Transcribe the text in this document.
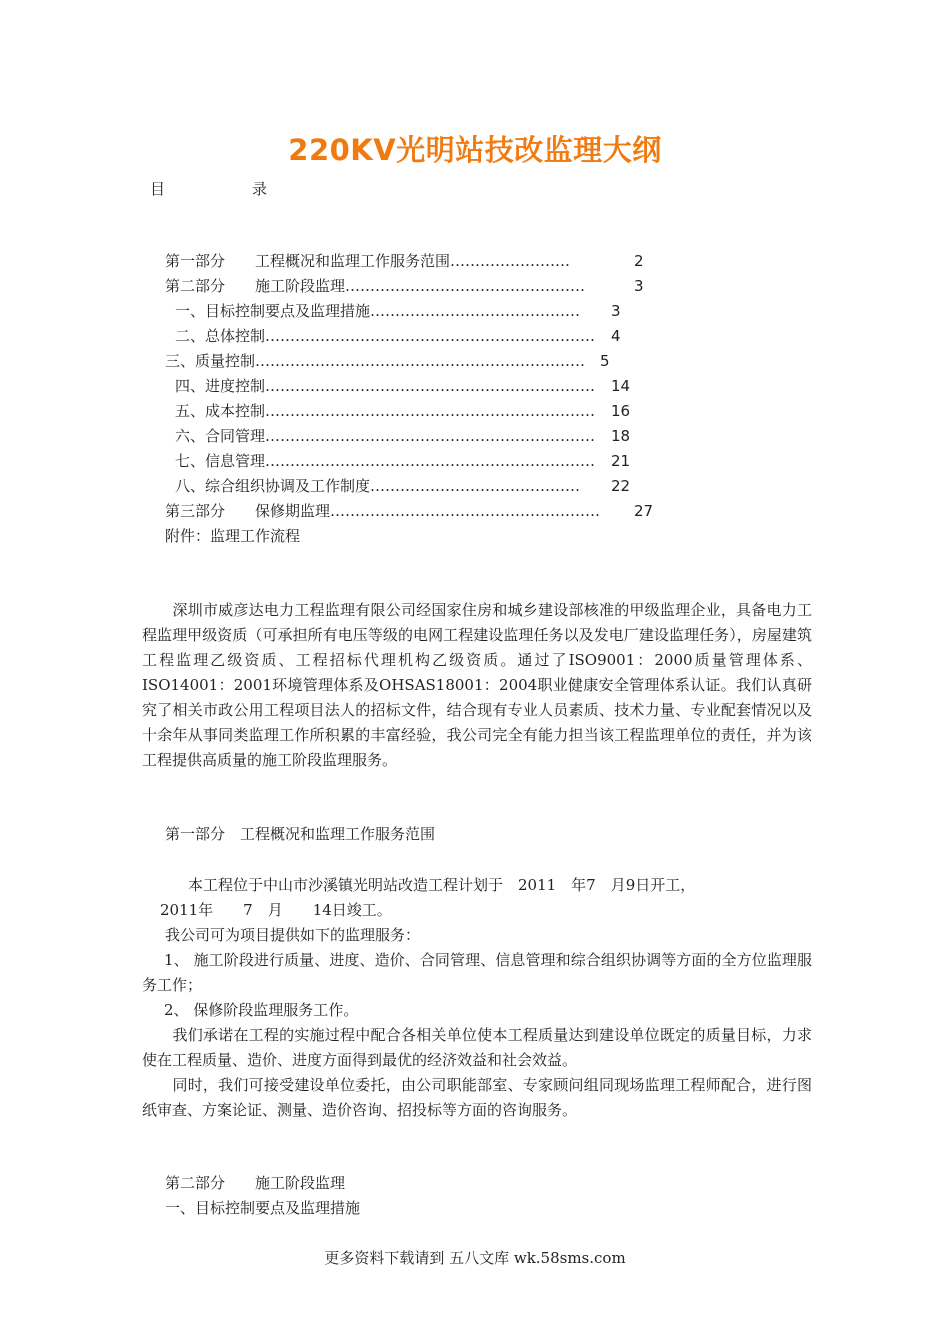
220KV光明站技改监理大纲
目	录
第一部分　　工程概况和监理工作服务范围……………………	2
第二部分　　施工阶段监理…………………………………………	3
一、目标控制要点及监理措施…………………………………… 3
二、总体控制………………………………………………………… 4
三、质量控制………………………………………………………… 5
四、进度控制………………………………………………………… 14
五、成本控制………………………………………………………… 16
六、合同管理………………………………………………………… 18
七、信息管理………………………………………………………… 21
八、综合组织协调及工作制度…………………………………… 22
第三部分　　保修期监理……………………………………………… 27
附件：监理工作流程
　　深圳市威彦达电力工程监理有限公司经国家住房和城乡建设部核准的甲级监理企业，具备电力工程监理甲级资质（可承担所有电压等级的电网工程建设监理任务以及发电厂建设监理任务），房屋建筑工程监理乙级资质、工程招标代理机构乙级资质。通过了ISO9001：2000质量管理体系、ISO14001：2001环境管理体系及OHSAS18001：2004职业健康安全管理体系认证。我们认真研究了相关市政公用工程项目法人的招标文件，结合现有专业人员素质、技术力量、专业配套情况以及十余年从事同类监理工作所积累的丰富经验，我公司完全有能力担当该工程监理单位的责任，并为该工程提供高质量的施工阶段监理服务。
第一部分　工程概况和监理工作服务范围
本工程位于中山市沙溪镇光明站改造工程计划于　2011　年7　月9日开工，
2011年　　7　月　　14日竣工。
我公司可为项目提供如下的监理服务：
1、 施工阶段进行质量、进度、造价、合同管理、信息管理和综合组织协调等方面的全方位监理服务工作；
2、 保修阶段监理服务工作。
　　我们承诺在工程的实施过程中配合各相关单位使本工程质量达到建设单位既定的质量目标，力求使在工程质量、造价、进度方面得到最优的经济效益和社会效益。
　　同时，我们可接受建设单位委托，由公司职能部室、专家顾问组同现场监理工程师配合，进行图纸审查、方案论证、测量、造价咨询、招投标等方面的咨询服务。
第二部分　　施工阶段监理
一、目标控制要点及监理措施
更多资料下载请到 五八文库 wk.58sms.com
